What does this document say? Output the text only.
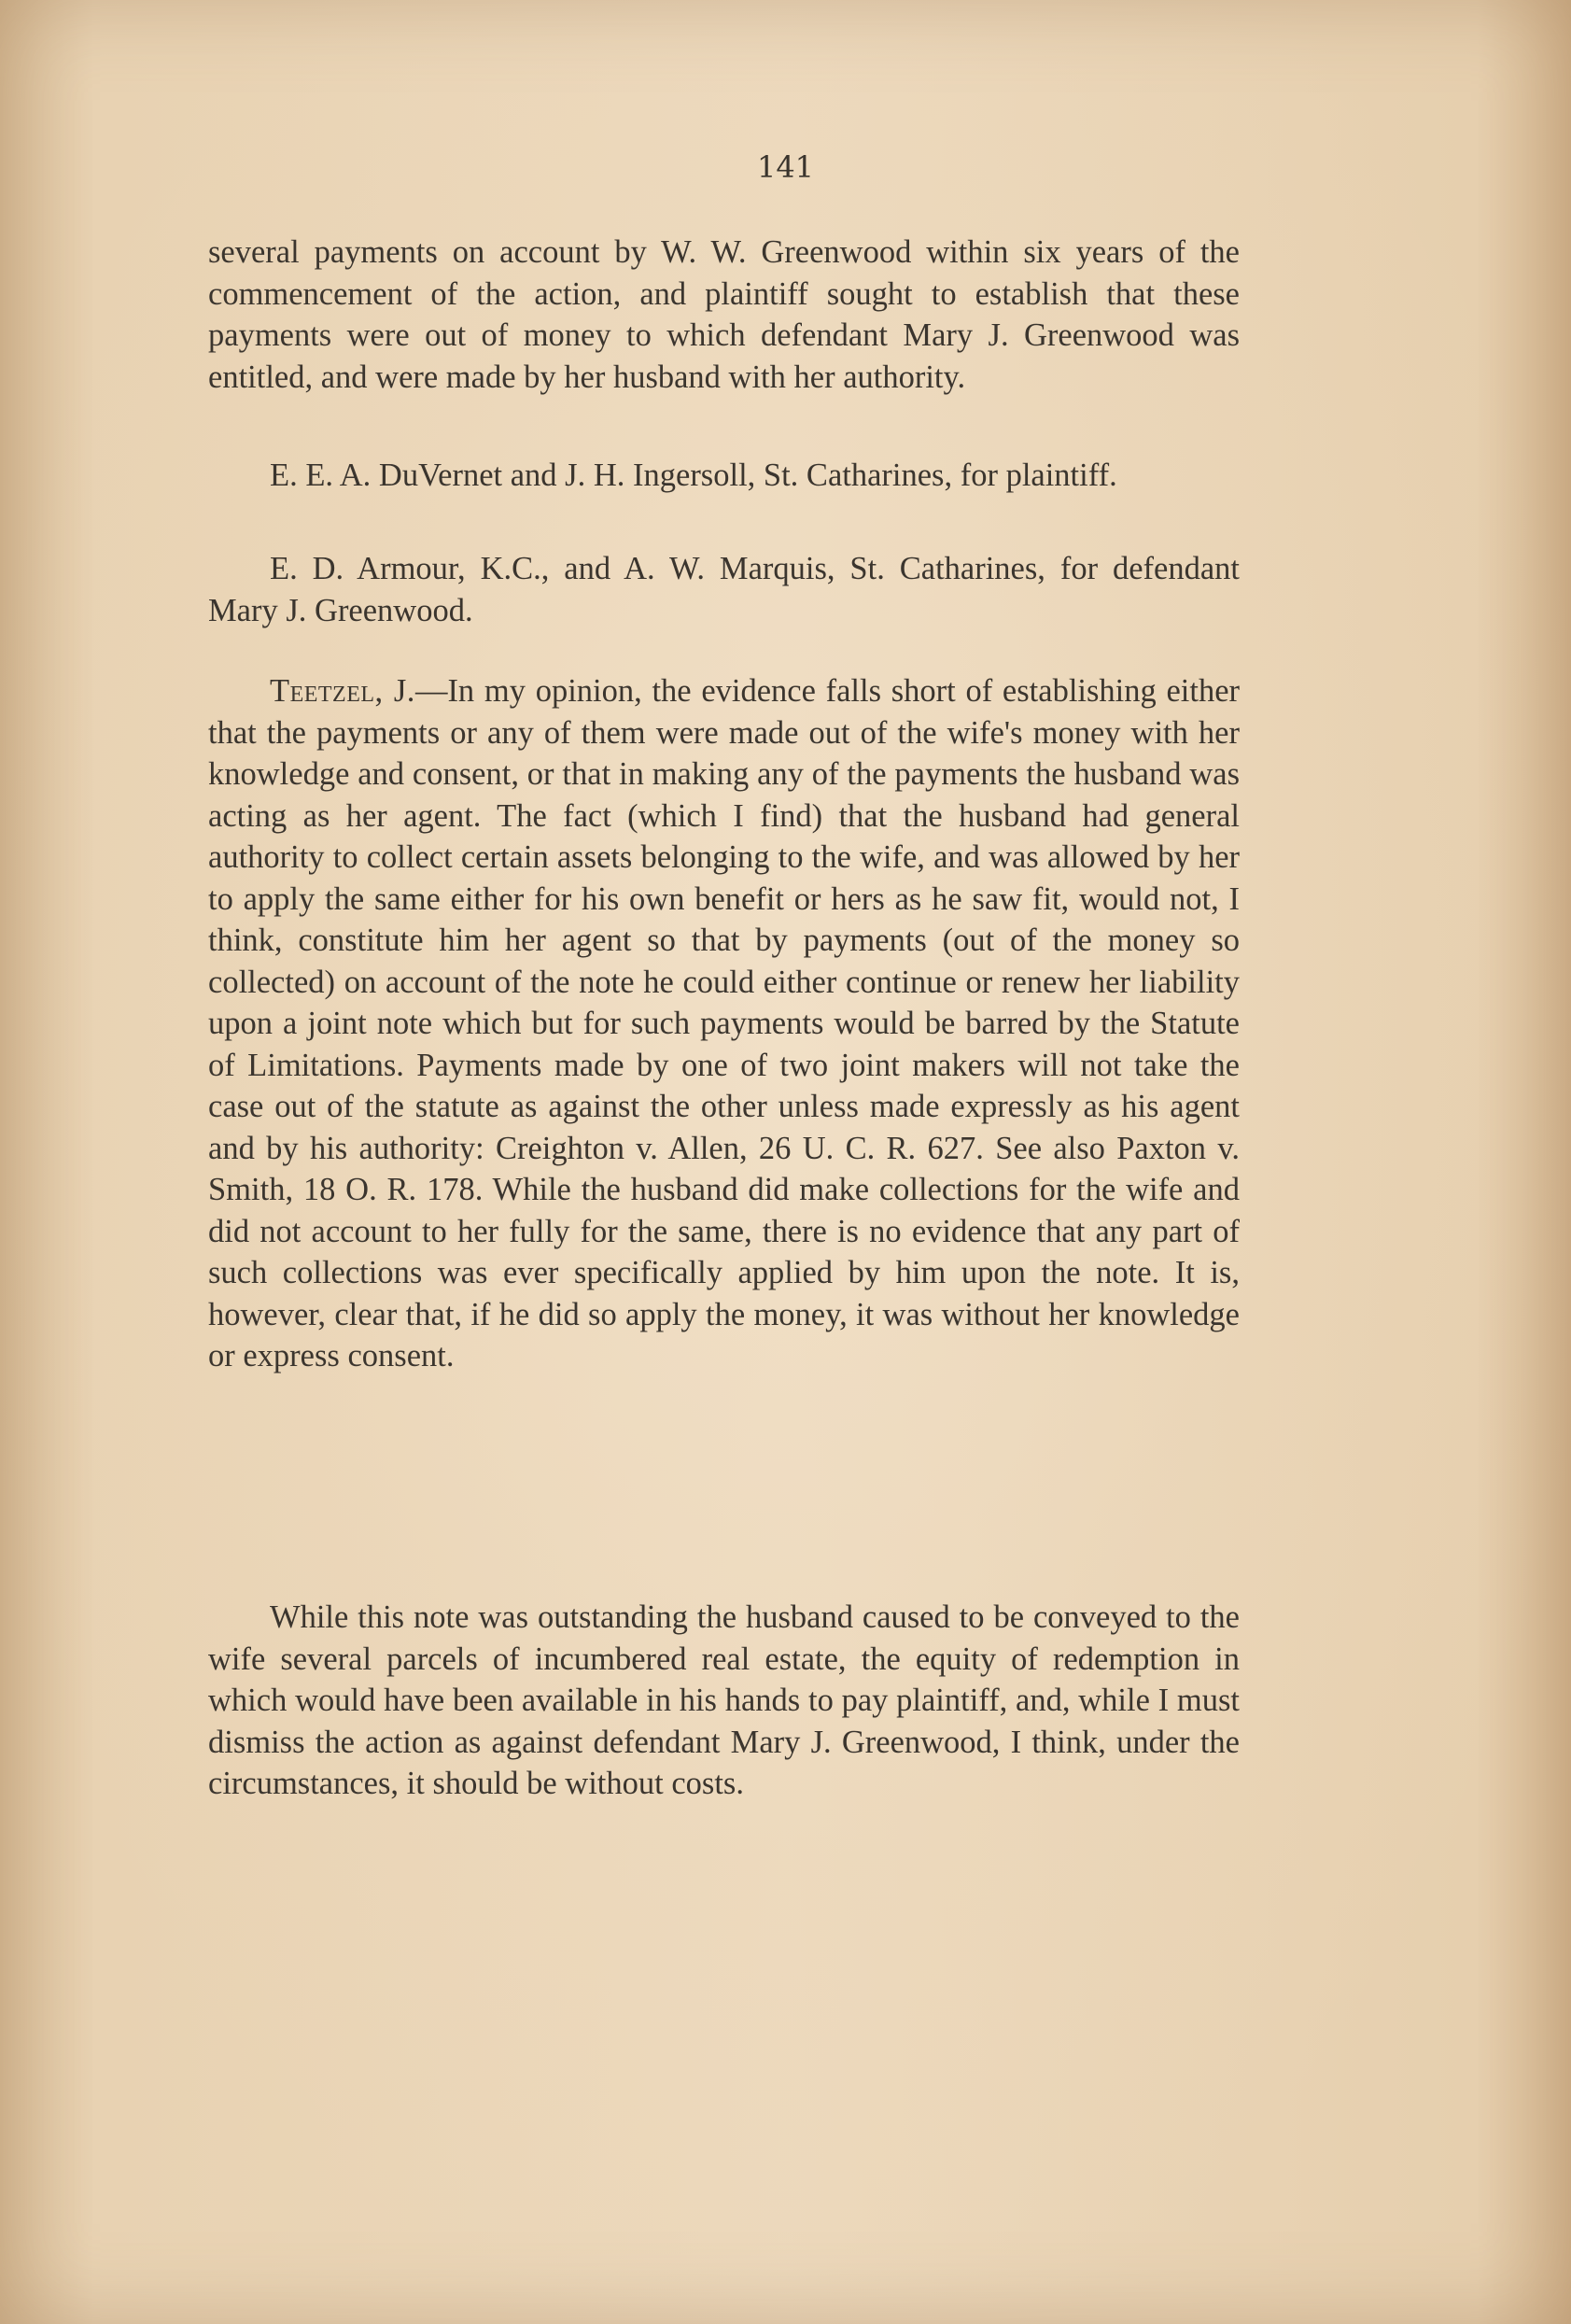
141

several payments on account by W. W. Greenwood within six years of the commencement of the action, and plaintiff sought to establish that these payments were out of money to which defendant Mary J. Greenwood was entitled, and were made by her husband with her authority.

E. E. A. DuVernet and J. H. Ingersoll, St. Catharines, for plaintiff.

E. D. Armour, K.C., and A. W. Marquis, St. Catharines, for defendant Mary J. Greenwood.

Teetzel, J.—In my opinion, the evidence falls short of establishing either that the payments or any of them were made out of the wife's money with her knowledge and consent, or that in making any of the payments the husband was acting as her agent. The fact (which I find) that the husband had general authority to collect certain assets belonging to the wife, and was allowed by her to apply the same either for his own benefit or hers as he saw fit, would not, I think, constitute him her agent so that by payments (out of the money so collected) on account of the note he could either continue or renew her liability upon a joint note which but for such payments would be barred by the Statute of Limitations. Payments made by one of two joint makers will not take the case out of the statute as against the other unless made expressly as his agent and by his authority: Creighton v. Allen, 26 U. C. R. 627. See also Paxton v. Smith, 18 O. R. 178. While the husband did make collections for the wife and did not account to her fully for the same, there is no evidence that any part of such collections was ever specifically applied by him upon the note. It is, however, clear that, if he did so apply the money, it was without her knowledge or express consent.

While this note was outstanding the husband caused to be conveyed to the wife several parcels of incumbered real estate, the equity of redemption in which would have been available in his hands to pay plaintiff, and, while I must dismiss the action as against defendant Mary J. Greenwood, I think, under the circumstances, it should be without costs.
